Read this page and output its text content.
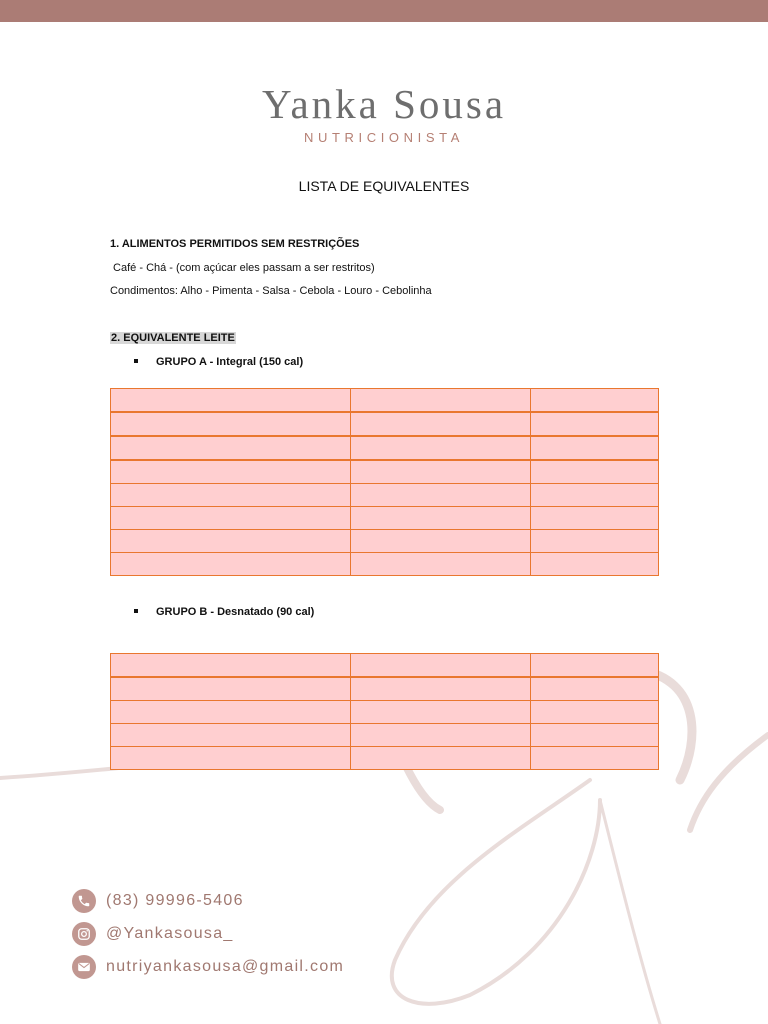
Yanka Sousa
NUTRICIONISTA
LISTA DE EQUIVALENTES
1. ALIMENTOS PERMITIDOS SEM RESTRIÇÕES
Café - Chá - (com açúcar eles passam a ser restritos)
Condimentos: Alho - Pimenta - Salsa - Cebola - Louro - Cebolinha
2. EQUIVALENTE LEITE
GRUPO A - Integral (150 cal)

GRUPO B - Desnatado (90 cal)

(83) 99996-5406
@Yankasousa_
nutriyankasousa@gmail.com
